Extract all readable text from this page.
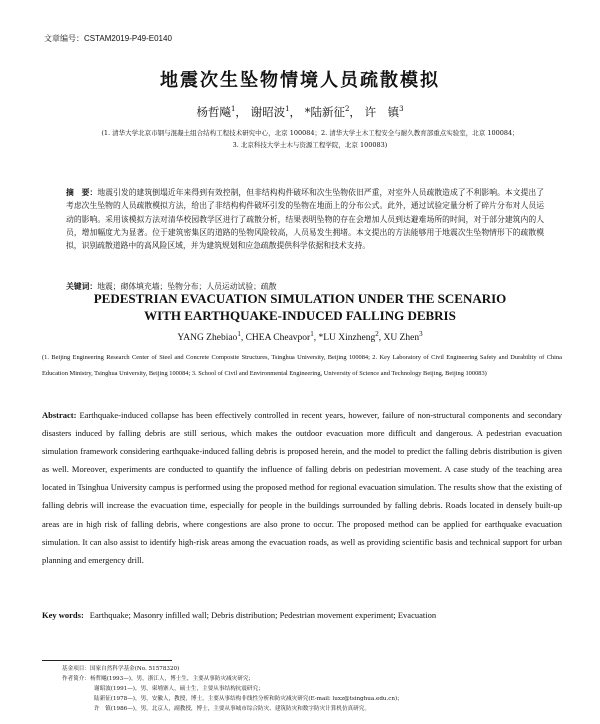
文章编号：CSTAM2019-P49-E0140
地震次生坠物情境人员疏散模拟
杨哲飚$^1$， 谢昭波$^1$， *陆新征$^2$， 许　镇$^3$
(1. 清华大学北京市钢与混凝土组合结构工程技术研究中心，北京 100084；2. 清华大学土木工程安全与耐久教育部重点实验室，北京 100084；
3. 北京科技大学土木与资源工程学院，北京 100083)
摘　要：地震引发的建筑倒塌近年来得到有效控制，但非结构构件破坏和次生坠物依旧严重，对室外人员疏散造成了不利影响。本文提出了考虑次生坠物的人员疏散模拟方法，给出了非结构构件破坏引发的坠物在地面上的分布公式。此外，通过试验定量分析了碎片分布对人员运动的影响。采用该模拟方法对清华校园教学区进行了疏散分析，结果表明坠物的存在会增加人员到达避难场所的时间，对于部分建筑内的人员，增加幅度尤为显著。位于建筑密集区的道路的坠物风险较高，人员易发生拥堵。本文提出的方法能够用于地震次生坠物情形下的疏散模拟，识别疏散道路中的高风险区域，并为建筑规划和应急疏散提供科学依据和技术支持。
关键词：地震；砌体填充墙；坠物分布；人员运动试验；疏散
PEDESTRIAN EVACUATION SIMULATION UNDER THE SCENARIO
WITH EARTHQUAKE-INDUCED FALLING DEBRIS
YANG Zhebiao$^1$, CHEA Cheavpor$^1$, *LU Xinzheng$^2$, XU Zhen$^3$
(1. Beijing Engineering Research Center of Steel and Concrete Composite Structures, Tsinghua University, Beijing 100084; 2. Key Laboratory of Civil Engineering Safety and Durability of China Education Ministry, Tsinghua University, Beijing 100084; 3. School of Civil and Environmental Engineering, University of Science and Technology Beijing, Beijing 100083)
Abstract: Earthquake-induced collapse has been effectively controlled in recent years, however, failure of non-structural components and secondary disasters induced by falling debris are still serious, which makes the outdoor evacuation more difficult and dangerous. A pedestrian evacuation simulation framework considering earthquake-induced falling debris is proposed herein, and the model to predict the falling debris distribution is given as well. Moreover, experiments are conducted to quantify the influence of falling debris on pedestrian movement. A case study of the teaching area located in Tsinghua University campus is performed using the proposed method for regional evacuation simulation. The results show that the existing of falling debris will increase the evacuation time, especially for people in the buildings surrounded by falling debris. Roads located in densely built-up areas are in high risk of falling debris, where congestions are also prone to occur. The proposed method can be applied for earthquake evacuation simulation. It can also assist to identify high-risk areas among the evacuation roads, as well as providing scientific basis and technical support for urban planning and emergency drill.
Key words: Earthquake; Masonry infilled wall; Debris distribution; Pedestrian movement experiment; Evacuation
基金项目：国家自然科学基金(No. 51578320)
作者简介：杨哲飚(1993—)，男，浙江人，博士生，主要从事防灾减灾研究；
谢昭波(1991—)，男，柬埔寨人，硕士生，主要从事结构抗震研究；
陆新征(1978—)，男，安徽人，教授，博士，主要从事结构非线性分析和防灾减灾研究(E-mail: luxz@tsinghua.edu.cn)；
许　镇(1986—)，男，北京人，副教授，博士，主要从事城市综合防灾、建筑防灾和数字防灾计算机仿真研究。
